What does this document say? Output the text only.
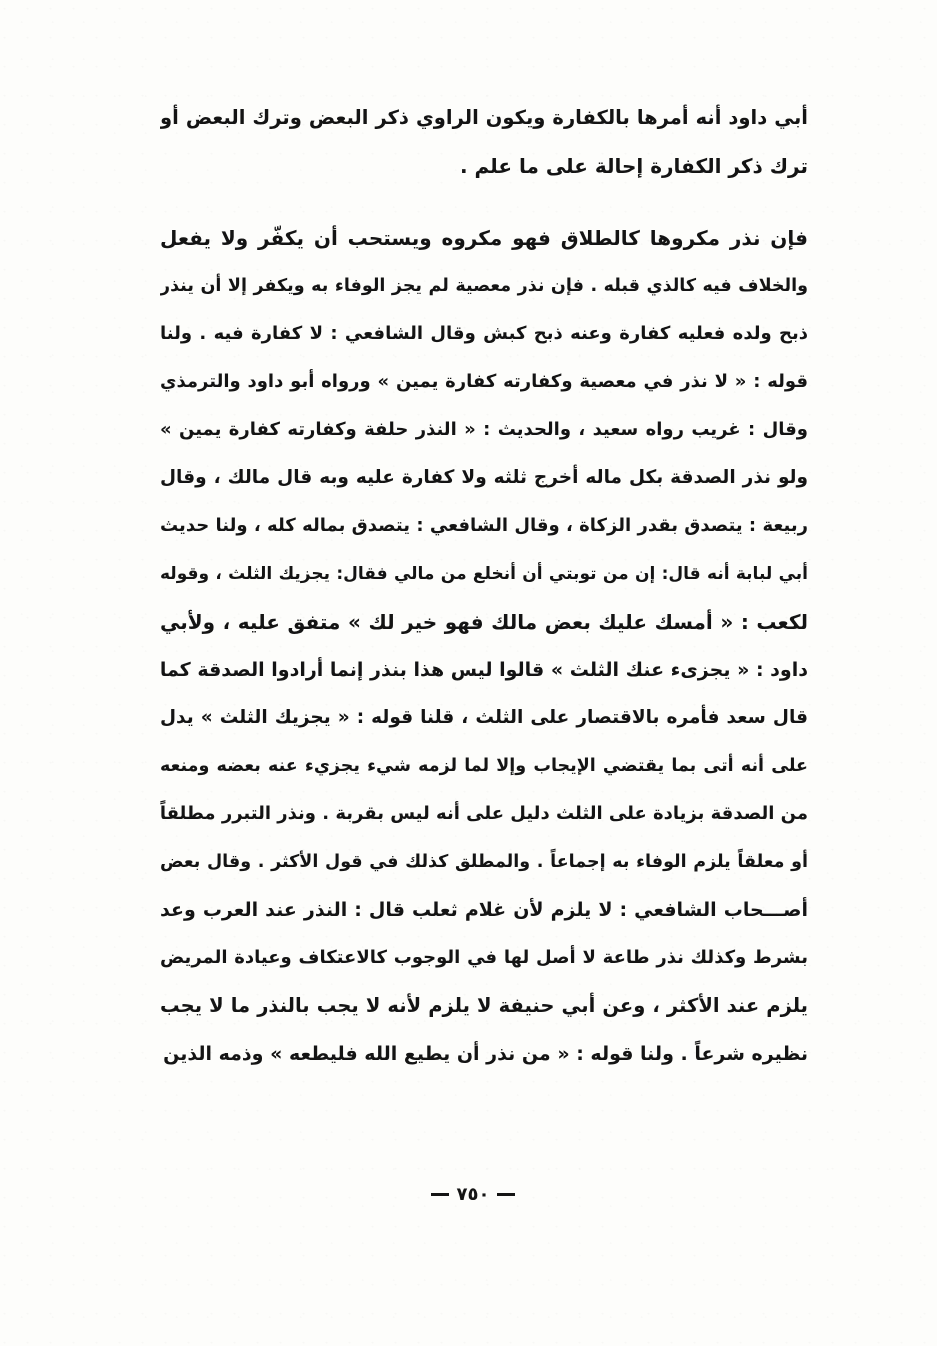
أبي داود أنه أمرها بالكفارة ويكون الراوي ذكر البعض وترك البعض أو
ترك ذكر الكفارة إحالة على ما علم .
فإن نذر مكروها كالطلاق فهو مكروه ويستحب أن يكفّر ولا يفعل
والخلاف فيه كالذي قبله . فإن نذر معصية لم يجز الوفاء به ويكفر إلا أن ينذر
ذبح ولده فعليه كفارة وعنه ذبح كبش وقال الشافعي : لا كفارة فيه . ولنا
قوله : « لا نذر في معصية وكفارته كفارة يمين » ورواه أبو داود والترمذي
وقال : غريب رواه سعيد ، والحديث : « النذر حلفة وكفارته كفارة يمين »
ولو نذر الصدقة بكل ماله أخرج ثلثه ولا كفارة عليه وبه قال مالك ، وقال
ربيعة : يتصدق بقدر الزكاة ، وقال الشافعي : يتصدق بماله كله ، ولنا حديث
أبي لبابة أنه قال: إن من توبتي أن أنخلع من مالي فقال: يجزيك الثلث ، وقوله
لكعب : « أمسك عليك بعض مالك فهو خير لك » متفق عليه ، ولأبي
داود : « يجزىء عنك الثلث » قالوا ليس هذا بنذر إنما أرادوا الصدقة كما
قال سعد فأمره بالاقتصار على الثلث ، قلنا قوله : « يجزيك الثلث » يدل
على أنه أتى بما يقتضي الإيجاب وإلا لما لزمه شيء يجزيء عنه بعضه ومنعه
من الصدقة بزيادة على الثلث دليل على أنه ليس بقربة . ونذر التبرر مطلقاً
أو معلقاً يلزم الوفاء به إجماعاً . والمطلق كذلك في قول الأكثر . وقال بعض
أصـــحاب الشافعي : لا يلزم لأن غلام ثعلب قال : النذر عند العرب وعد
بشرط وكذلك نذر طاعة لا أصل لها في الوجوب كالاعتكاف وعيادة المريض
يلزم عند الأكثر ، وعن أبي حنيفة لا يلزم لأنه لا يجب بالنذر ما لا يجب
نظيره شرعاً . ولنا قوله : « من نذر أن يطيع الله فليطعه » وذمه الذين
٧٥٠
